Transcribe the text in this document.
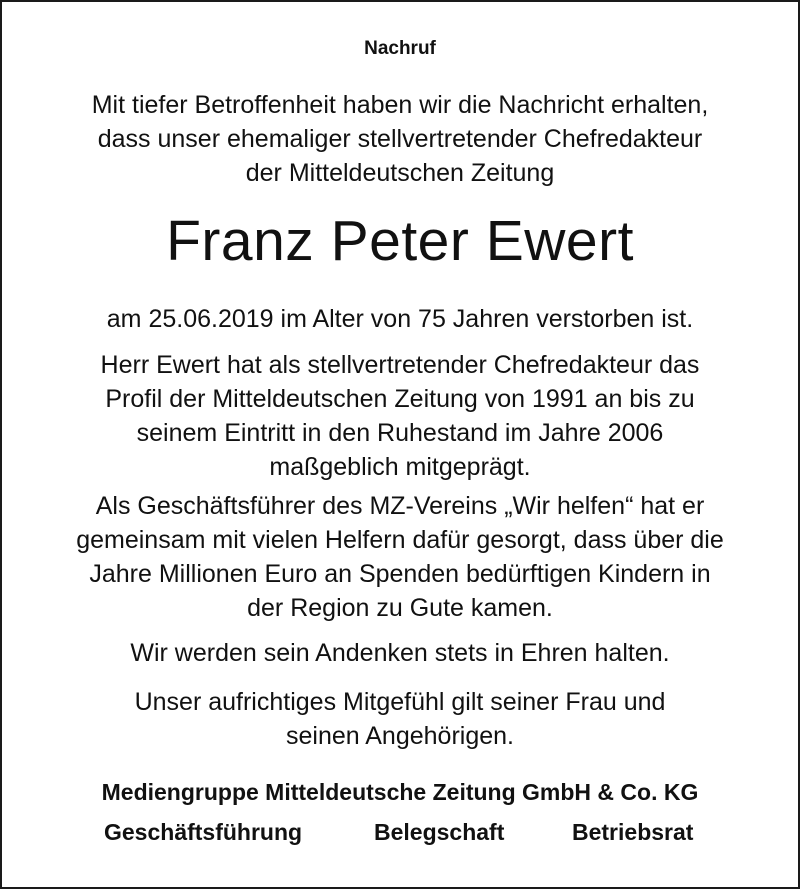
Nachruf
Mit tiefer Betroffenheit haben wir die Nachricht erhalten,
dass unser ehemaliger stellvertretender Chefredakteur
der Mitteldeutschen Zeitung
Franz Peter Ewert
am 25.06.2019 im Alter von 75 Jahren verstorben ist.
Herr Ewert hat als stellvertretender Chefredakteur das
Profil der Mitteldeutschen Zeitung von 1991 an bis zu
seinem Eintritt in den Ruhestand im Jahre 2006
maßgeblich mitgeprägt.
Als Geschäftsführer des MZ-Vereins „Wir helfen“ hat er
gemeinsam mit vielen Helfern dafür gesorgt, dass über die
Jahre Millionen Euro an Spenden bedürftigen Kindern in
der Region zu Gute kamen.
Wir werden sein Andenken stets in Ehren halten.
Unser aufrichtiges Mitgefühl gilt seiner Frau und
seinen Angehörigen.
Mediengruppe Mitteldeutsche Zeitung GmbH & Co. KG
Geschäftsführung	Belegschaft	Betriebsrat
